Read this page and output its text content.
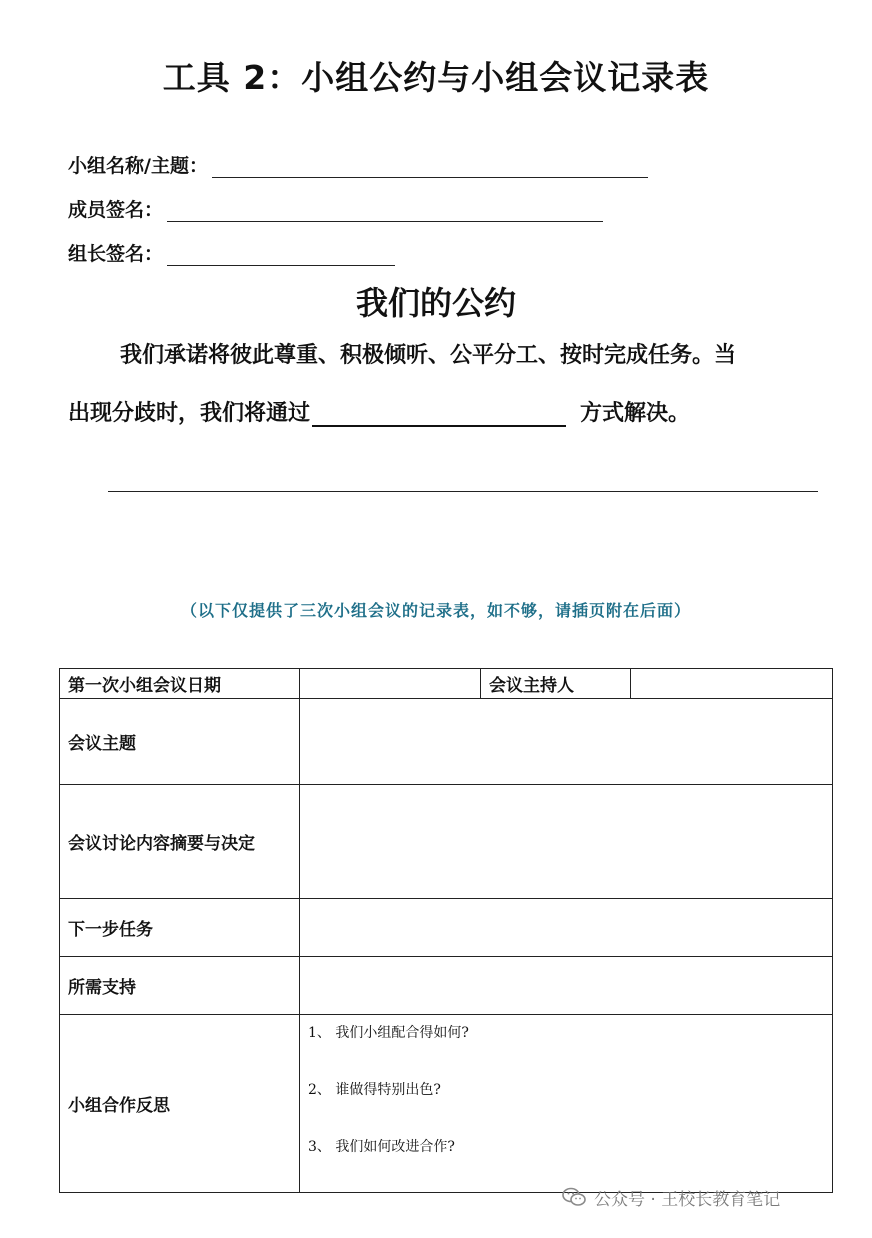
工具 2：小组公约与小组会议记录表
小组名称/主题：
成员签名：
组长签名：
我们的公约
我们承诺将彼此尊重、积极倾听、公平分工、按时完成任务。当
出现分歧时，我们将通过	方式解决。
（以下仅提供了三次小组会议的记录表，如不够，请插页附在后面）
第一次小组会议日期		会议主持人	
会议主题			
会议讨论内容摘要与决定			
下一步任务			
所需支持			
小组合作反思	1、 我们小组配合得如何?
2、 谁做得特别出色?
3、 我们如何改进合作?		
公众号 · 王校长教育笔记
